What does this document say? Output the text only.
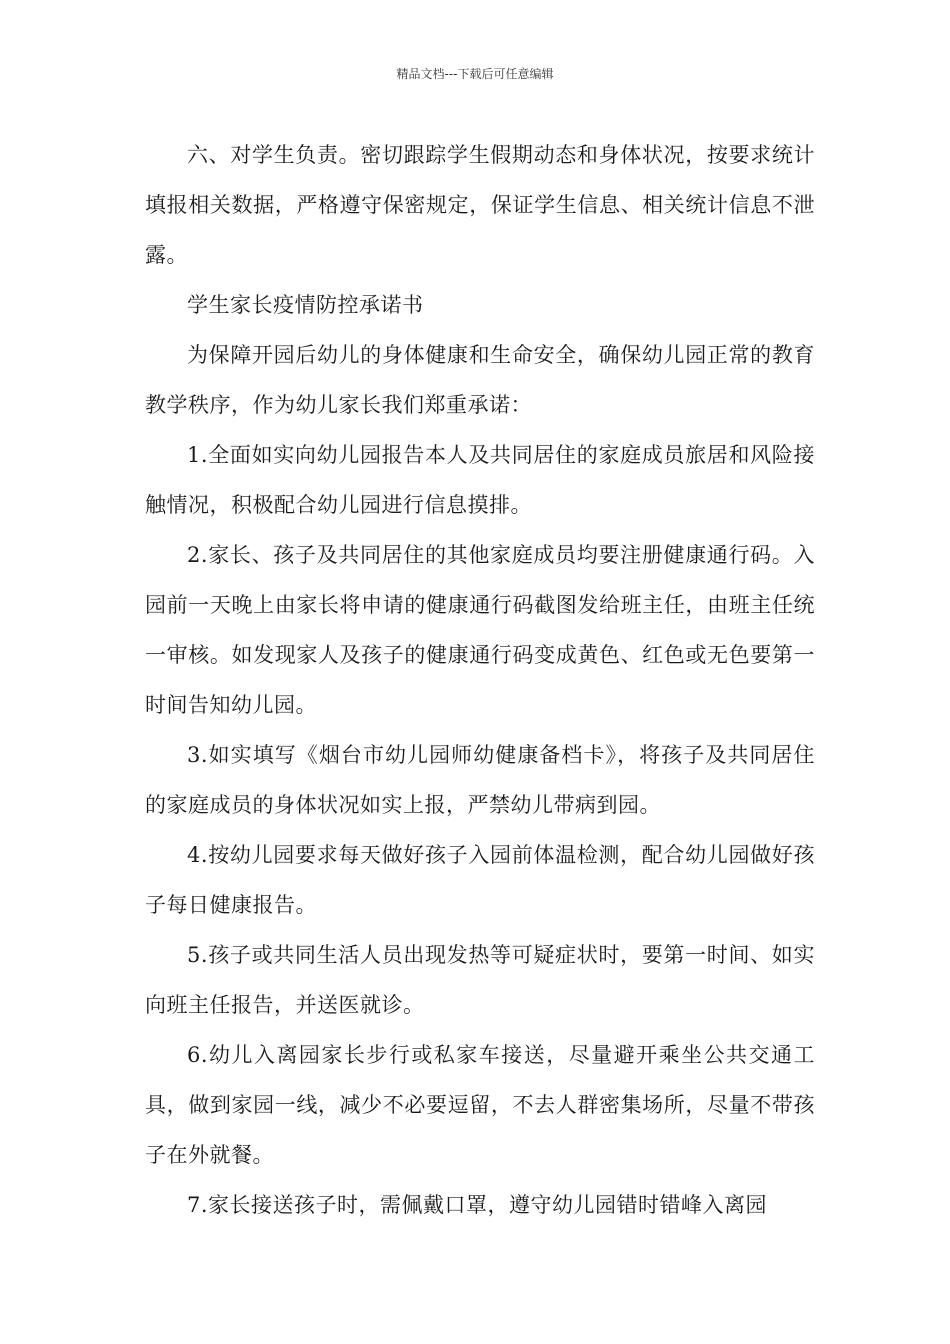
精品文档---下载后可任意编辑

六、对学生负责。密切跟踪学生假期动态和身体状况，按要求统计填报相关数据，严格遵守保密规定，保证学生信息、相关统计信息不泄露。

学生家长疫情防控承诺书

为保障开园后幼儿的身体健康和生命安全，确保幼儿园正常的教育教学秩序，作为幼儿家长我们郑重承诺：

1.全面如实向幼儿园报告本人及共同居住的家庭成员旅居和风险接触情况，积极配合幼儿园进行信息摸排。

2.家长、孩子及共同居住的其他家庭成员均要注册健康通行码。入园前一天晚上由家长将申请的健康通行码截图发给班主任，由班主任统一审核。如发现家人及孩子的健康通行码变成黄色、红色或无色要第一时间告知幼儿园。

3.如实填写《烟台市幼儿园师幼健康备档卡》，将孩子及共同居住的家庭成员的身体状况如实上报，严禁幼儿带病到园。

4.按幼儿园要求每天做好孩子入园前体温检测，配合幼儿园做好孩子每日健康报告。

5.孩子或共同生活人员出现发热等可疑症状时，要第一时间、如实向班主任报告，并送医就诊。

6.幼儿入离园家长步行或私家车接送，尽量避开乘坐公共交通工具，做到家园一线，减少不必要逗留，不去人群密集场所，尽量不带孩子在外就餐。

7.家长接送孩子时，需佩戴口罩，遵守幼儿园错时错峰入离园
